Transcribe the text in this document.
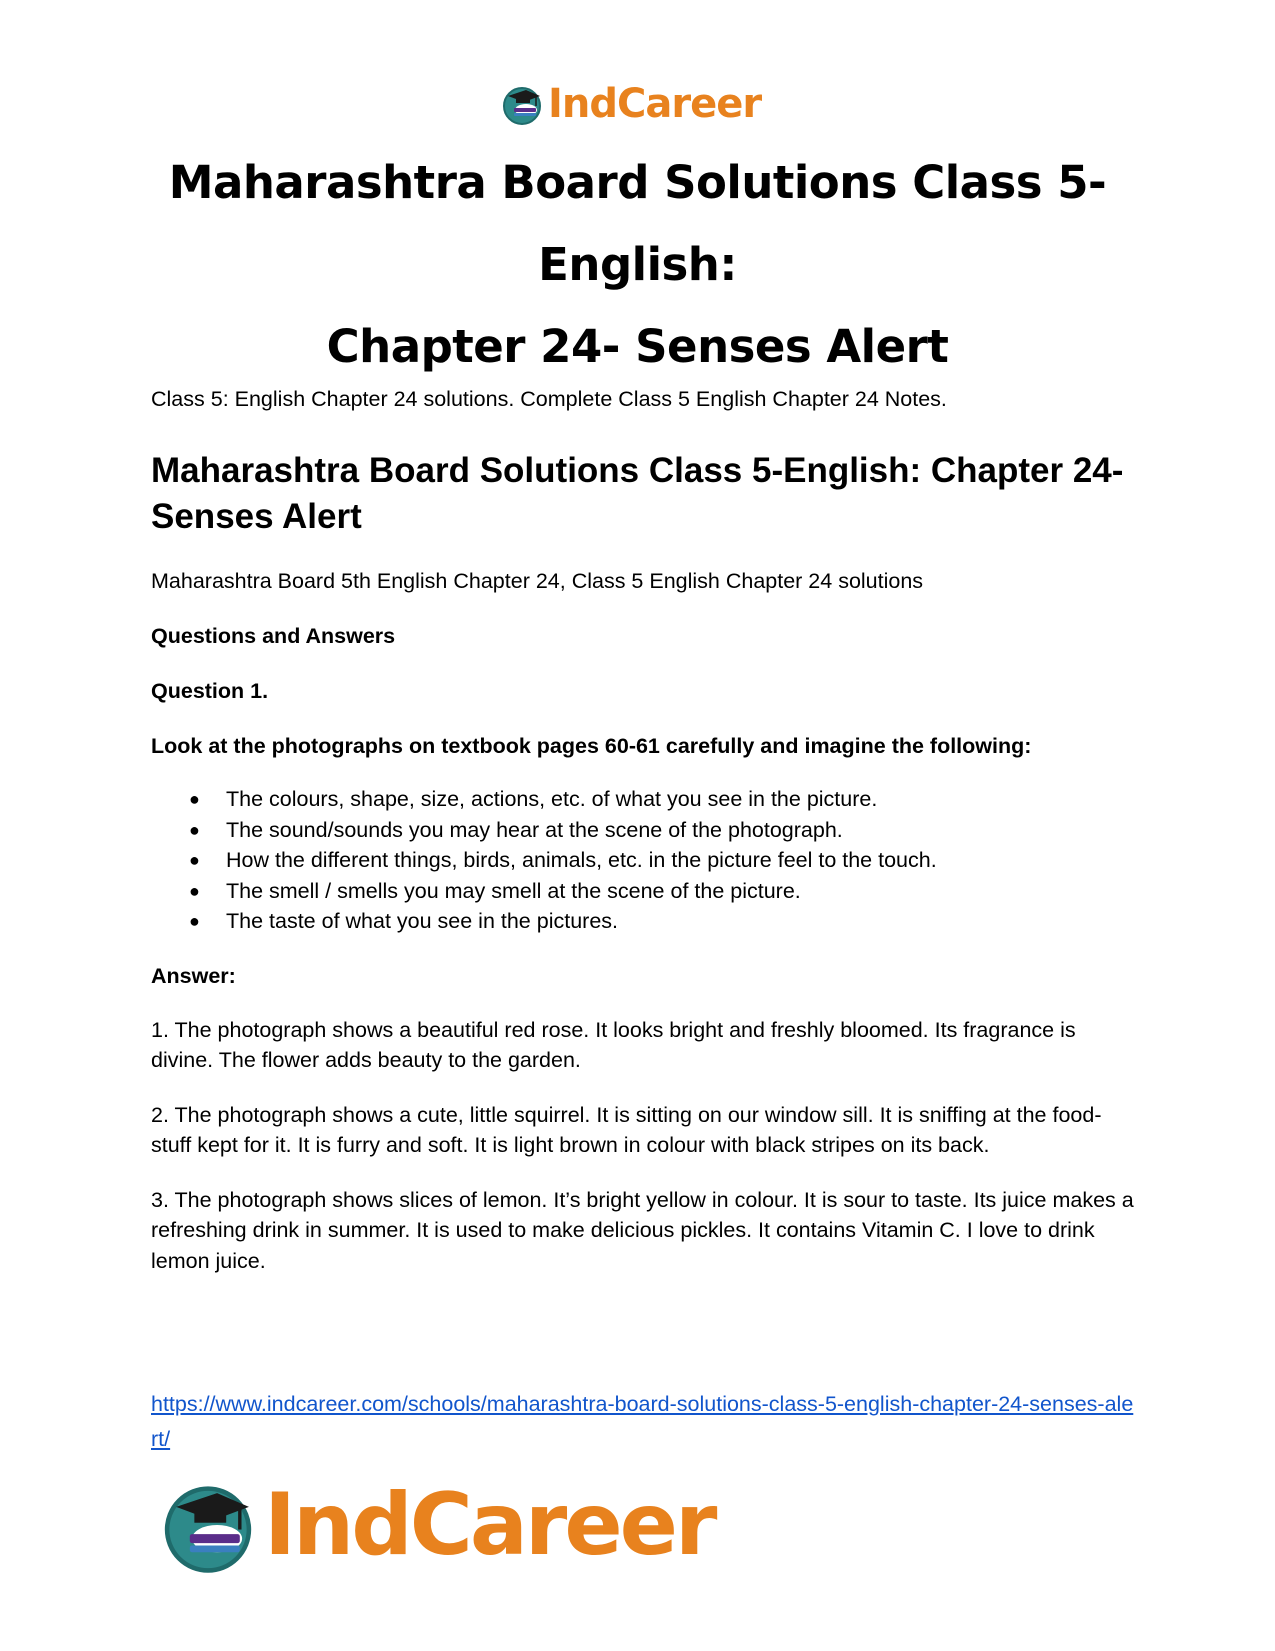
IndCareer
Maharashtra Board Solutions Class 5-English:
Chapter 24- Senses Alert

Class 5: English Chapter 24 solutions. Complete Class 5 English Chapter 24 Notes.

Maharashtra Board Solutions Class 5-English: Chapter 24- Senses Alert

Maharashtra Board 5th English Chapter 24, Class 5 English Chapter 24 solutions

Questions and Answers

Question 1.

Look at the photographs on textbook pages 60-61 carefully and imagine the following:

● The colours, shape, size, actions, etc. of what you see in the picture.
● The sound/sounds you may hear at the scene of the photograph.
● How the different things, birds, animals, etc. in the picture feel to the touch.
● The smell / smells you may smell at the scene of the picture.
● The taste of what you see in the pictures.

Answer:

1. The photograph shows a beautiful red rose. It looks bright and freshly bloomed. Its fragrance is divine. The flower adds beauty to the garden.

2. The photograph shows a cute, little squirrel. It is sitting on our window sill. It is sniffing at the food-stuff kept for it. It is furry and soft. It is light brown in colour with black stripes on its back.

3. The photograph shows slices of lemon. It’s bright yellow in colour. It is sour to taste. Its juice makes a refreshing drink in summer. It is used to make delicious pickles. It contains Vitamin C. I love to drink lemon juice.

https://www.indcareer.com/schools/maharashtra-board-solutions-class-5-english-chapter-24-senses-alert/
IndCareer
